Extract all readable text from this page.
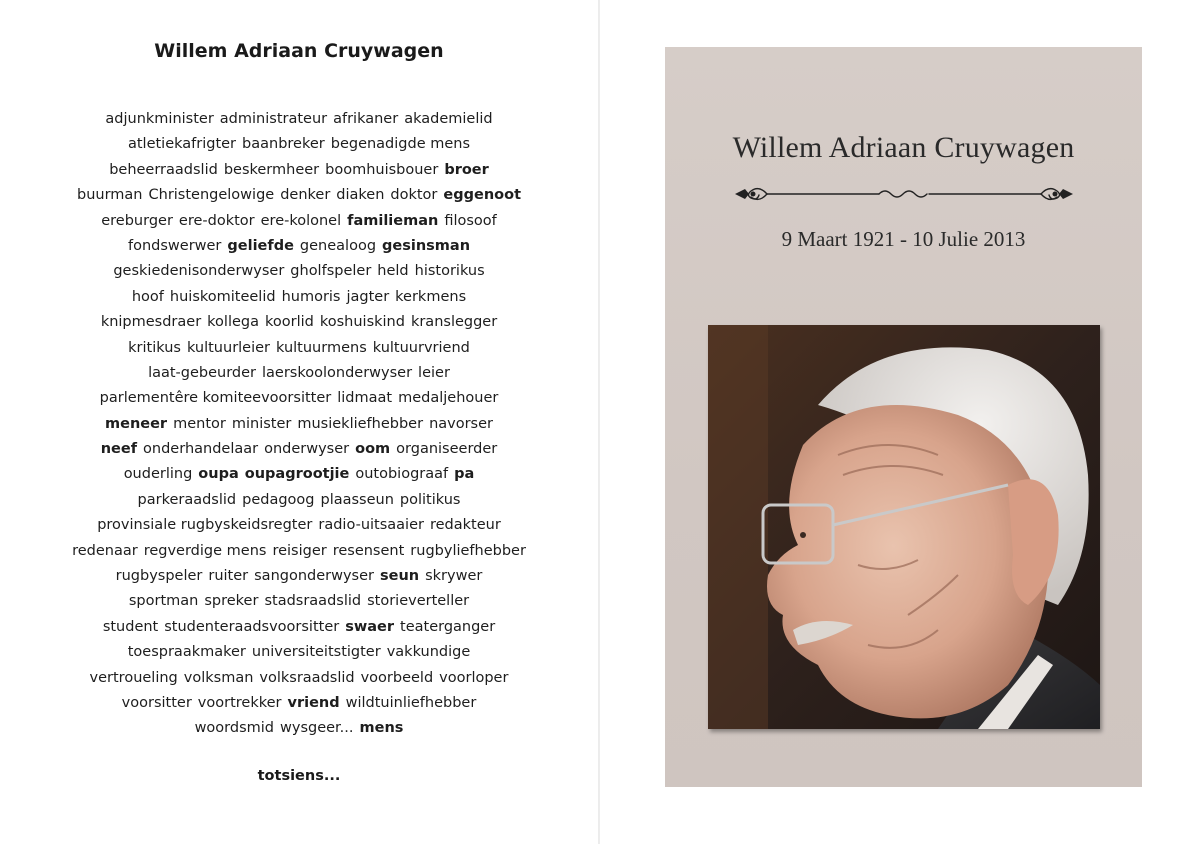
Willem Adriaan Cruywagen
adjunkminister administrateur afrikaner akademielid
atletiekafrigter baanbreker begenadigde mens
beheerraadslid beskermheer boomhuisbouer broer
buurman Christengelowige denker diaken doktor eggenoot
ereburger ere-doktor ere-kolonel familieman filosoof
fondswerwer geliefde genealoog gesinsman
geskiedenisonderwyser gholfspeler held historikus
hoof huiskomiteelid humoris jagter kerkmens
knipmesdraer kollega koorlid koshuiskind kranslegger
kritikus kultuurleier kultuurmens kultuurvriend
laat-gebeurder laerskoolonderwyser leier
parlementêre komiteevoorsitter lidmaat medaljehouer
meneer mentor minister musiekliefhebber navorser
neef onderhandelaar onderwyser oom organiseerder
ouderling oupa oupagrootjie outobiograaf pa
parkeraadslid pedagoog plaasseun politikus
provinsiale rugbyskeidsregter radio-uitsaaier redakteur
redenaar regverdige mens reisiger resensent rugbyliefhebber
rugbyspeler ruiter sangonderwyser seun skrywer
sportman spreker stadsraadslid storieverteller
student studenteraadsvoorsitter swaer teaterganger
toespraakmaker universiteitstigter vakkundige
vertroueling volksman volksraadslid voorbeeld voorloper
voorsitter voortrekker vriend wildtuinliefhebber
woordsmid wysgeer... mens
totsiens...
Willem Adriaan Cruywagen
9 Maart 1921 - 10 Julie 2013
